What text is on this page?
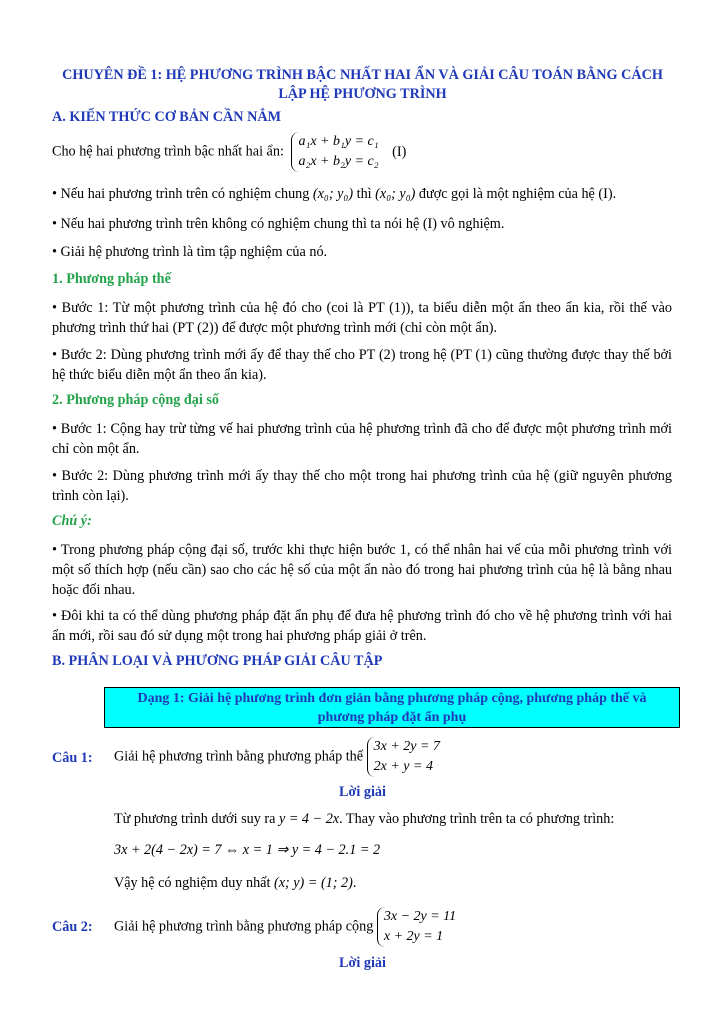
CHUYÊN ĐỀ 1: HỆ PHƯƠNG TRÌNH BẬC NHẤT HAI ẨN VÀ GIẢI CÂU TOÁN BẰNG CÁCH
LẬP HỆ PHƯƠNG TRÌNH
A. KIẾN THỨC CƠ BẢN CẦN NẮM
Cho hệ hai phương trình bậc nhất hai ẩn:
a₁x + b₁y = c₁
a₂x + b₂y = c₂
(I)
• Nếu hai phương trình trên có nghiệm chung (x₀; y₀) thì (x₀; y₀) được gọi là một nghiệm của hệ (I).
• Nếu hai phương trình trên không có nghiệm chung thì ta nói hệ (I) vô nghiệm.
• Giải hệ phương trình là tìm tập nghiệm của nó.
1. Phương pháp thế
• Bước 1: Từ một phương trình của hệ đó cho (coi là PT (1)), ta biểu diễn một ẩn theo ẩn kia, rồi thế vào phương trình thứ hai (PT (2)) để được một phương trình mới (chỉ còn một ẩn).
• Bước 2: Dùng phương trình mới ấy để thay thế cho PT (2) trong hệ (PT (1) cũng thường được thay thế bởi hệ thức biểu diễn một ẩn theo ẩn kia).
2. Phương pháp cộng đại số
• Bước 1: Cộng hay trừ từng vế hai phương trình của hệ phương trình đã cho để được một phương trình mới chỉ còn một ẩn.
• Bước 2: Dùng phương trình mới ấy thay thế cho một trong hai phương trình của hệ (giữ nguyên phương trình còn lại).
Chú ý:
• Trong phương pháp cộng đại số, trước khi thực hiện bước 1, có thể nhân hai vế của mỗi phương trình với một số thích hợp (nếu cần) sao cho các hệ số của một ẩn nào đó trong hai phương trình của hệ là bằng nhau hoặc đối nhau.
• Đôi khi ta có thể dùng phương pháp đặt ẩn phụ để đưa hệ phương trình đó cho về hệ phương trình với hai ẩn mới, rồi sau đó sử dụng một trong hai phương pháp giải ở trên.
B. PHÂN LOẠI VÀ PHƯƠNG PHÁP GIẢI CÂU TẬP
Dạng 1: Giải hệ phương trình đơn giản bằng phương pháp cộng, phương pháp thế và
phương pháp đặt ẩn phụ
Câu 1: Giải hệ phương trình bằng phương pháp thế
3x + 2y = 7
2x + y = 4
Lời giải
Từ phương trình dưới suy ra y = 4 − 2x. Thay vào phương trình trên ta có phương trình:
3x + 2(4 − 2x) = 7 ⇔ x = 1 ⇒ y = 4 − 2.1 = 2
Vậy hệ có nghiệm duy nhất (x; y) = (1; 2).
Câu 2: Giải hệ phương trình bằng phương pháp cộng
3x − 2y = 11
x + 2y = 1
Lời giải
